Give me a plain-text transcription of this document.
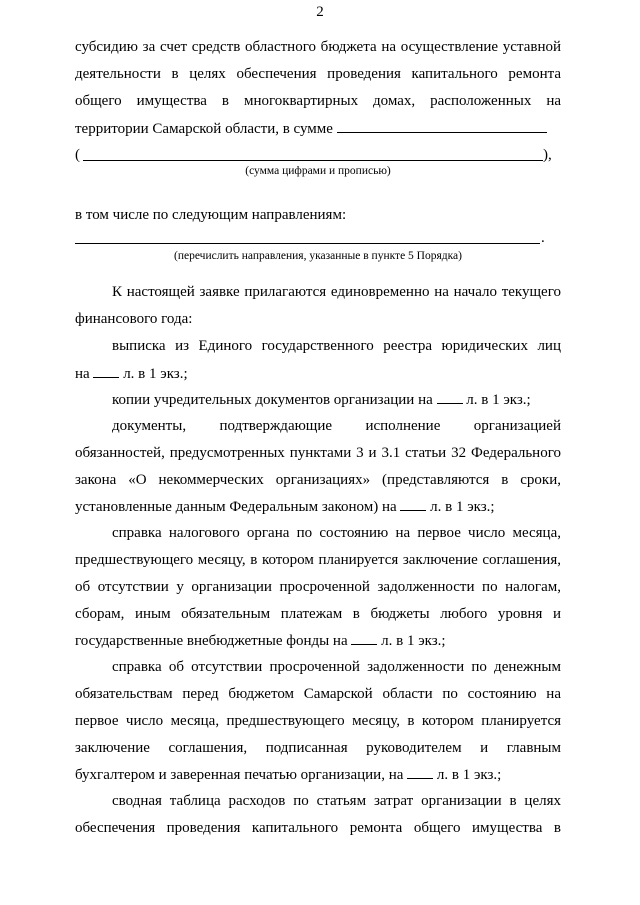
2
субсидию за счет средств областного бюджета на осуществление уставной
деятельности в целях обеспечения проведения капитального ремонта
общего имущества в многоквартирных домах, расположенных на
территории Самарской области, в сумме
(	),
(сумма цифрами и прописью)
в том числе по следующим направлениям:
.
(перечислить направления, указанные в пункте 5 Порядка)
К настоящей заявке прилагаются единовременно на начало текущего
финансового года:
выписка из Единого государственного реестра юридических лиц
на л. в 1 экз.;
копии учредительных документов организации на л. в 1 экз.;
документы, подтверждающие исполнение организацией
обязанностей, предусмотренных пунктами 3 и 3.1 статьи 32 Федерального
закона «О некоммерческих организациях» (представляются в сроки,
установленные данным Федеральным законом) на л. в 1 экз.;
справка налогового органа по состоянию на первое число месяца,
предшествующего месяцу, в котором планируется заключение соглашения,
об отсутствии у организации просроченной задолженности по налогам,
сборам, иным обязательным платежам в бюджеты любого уровня и
государственные внебюджетные фонды на л. в 1 экз.;
справка об отсутствии просроченной задолженности по денежным
обязательствам перед бюджетом Самарской области по состоянию на
первое число месяца, предшествующего месяцу, в котором планируется
заключение соглашения, подписанная руководителем и главным
бухгалтером и заверенная печатью организации, на л. в 1 экз.;
сводная таблица расходов по статьям затрат организации в целях
обеспечения проведения капитального ремонта общего имущества в
